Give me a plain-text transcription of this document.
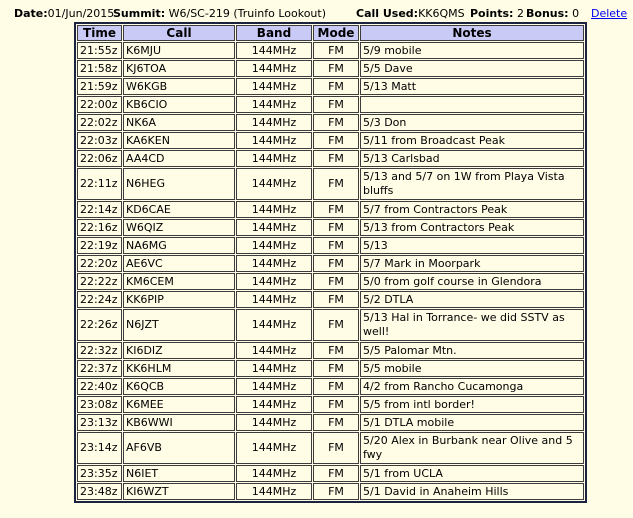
Date:01/Jun/2015
Summit: W6/SC-219 (Truinfo Lookout)	Call Used:KK6QMS Points: 2 Bonus: 0 Delete
Time	Call	Band	Mode	Notes
21:55z	K6MJU	144MHz	FM	5/9 mobile
21:58z	KJ6TOA	144MHz	FM	5/5 Dave
21:59z	W6KGB	144MHz	FM	5/13 Matt
22:00z	KB6CIO	144MHz	FM	
22:02z	NK6A	144MHz	FM	5/3 Don
22:03z	KA6KEN	144MHz	FM	5/11 from Broadcast Peak
22:06z	AA4CD	144MHz	FM	5/13 Carlsbad
22:11z	N6HEG	144MHz	FM	5/13 and 5/7 on 1W from Playa Vista bluffs
22:14z	KD6CAE	144MHz	FM	5/7 from Contractors Peak
22:16z	W6QIZ	144MHz	FM	5/13 from Contractors Peak
22:19z	NA6MG	144MHz	FM	5/13
22:20z	AE6VC	144MHz	FM	5/7 Mark in Moorpark
22:22z	KM6CEM	144MHz	FM	5/0 from golf course in Glendora
22:24z	KK6PIP	144MHz	FM	5/2 DTLA
22:26z	N6JZT	144MHz	FM	5/13 Hal in Torrance- we did SSTV as well!
22:32z	KI6DIZ	144MHz	FM	5/5 Palomar Mtn.
22:37z	KK6HLM	144MHz	FM	5/5 mobile
22:40z	K6QCB	144MHz	FM	4/2 from Rancho Cucamonga
23:08z	K6MEE	144MHz	FM	5/5 from intl border!
23:13z	KB6WWI	144MHz	FM	5/1 DTLA mobile
23:14z	AF6VB	144MHz	FM	5/20 Alex in Burbank near Olive and 5 fwy
23:35z	N6IET	144MHz	FM	5/1 from UCLA
23:48z	KI6WZT	144MHz	FM	5/1 David in Anaheim Hills
